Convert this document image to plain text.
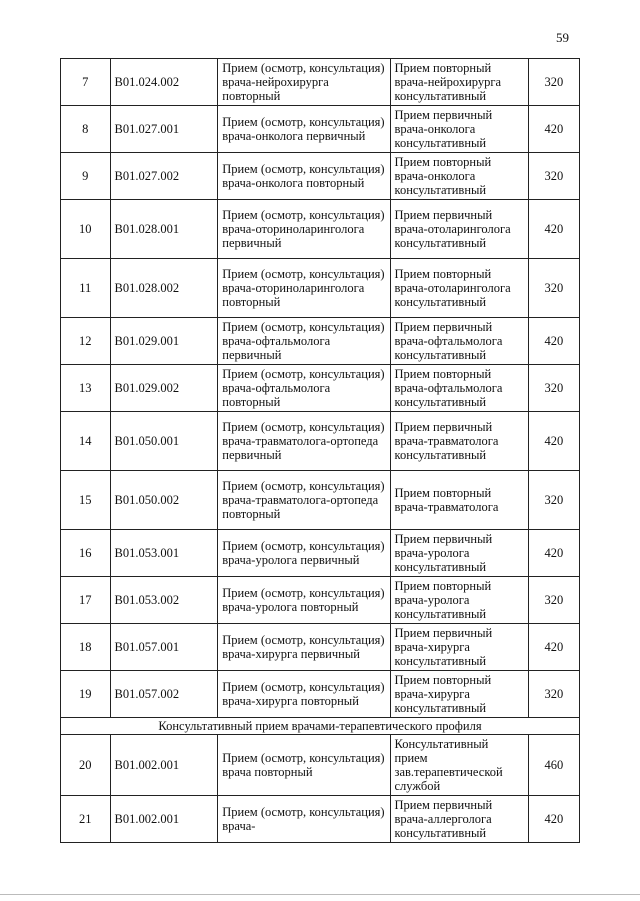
59
7	B01.024.002	Прием (осмотр, консультация) врача-нейрохирурга повторный	Прием повторный врача-нейрохирурга консультативный	320
8	B01.027.001	Прием (осмотр, консультация) врача-онколога первичный	Прием первичный врача-онколога консультативный	420
9	B01.027.002	Прием (осмотр, консультация) врача-онколога повторный	Прием повторный врача-онколога консультативный	320
10	B01.028.001	Прием (осмотр, консультация) врача-оториноларинголога первичный	Прием первичный врача-отоларинголога консультативный	420
11	B01.028.002	Прием (осмотр, консультация) врача-оториноларинголога повторный	Прием повторный врача-отоларинголога консультативный	320
12	B01.029.001	Прием (осмотр, консультация) врача-офтальмолога первичный	Прием первичный врача-офтальмолога консультативный	420
13	B01.029.002	Прием (осмотр, консультация) врача-офтальмолога повторный	Прием повторный врача-офтальмолога консультативный	320
14	B01.050.001	Прием (осмотр, консультация) врача-травматолога-ортопеда первичный	Прием первичный врача-травматолога консультативный	420
15	B01.050.002	Прием (осмотр, консультация) врача-травматолога-ортопеда повторный	Прием повторный врача-травматолога	320
16	B01.053.001	Прием (осмотр, консультация) врача-уролога первичный	Прием первичный врача-уролога консультативный	420
17	B01.053.002	Прием (осмотр, консультация) врача-уролога повторный	Прием повторный врача-уролога консультативный	320
18	B01.057.001	Прием (осмотр, консультация) врача-хирурга первичный	Прием первичный врача-хирурга консультативный	420
19	B01.057.002	Прием (осмотр, консультация) врача-хирурга повторный	Прием повторный врача-хирурга консультативный	320
Консультативный прием врачами-терапевтического профиля				
20	B01.002.001	Прием (осмотр, консультация) врача повторный	Консультативный прием зав.терапевтической службой	460
21	B01.002.001	Прием (осмотр, консультация) врача-	Прием первичный врача-аллерголога консультативный	420
